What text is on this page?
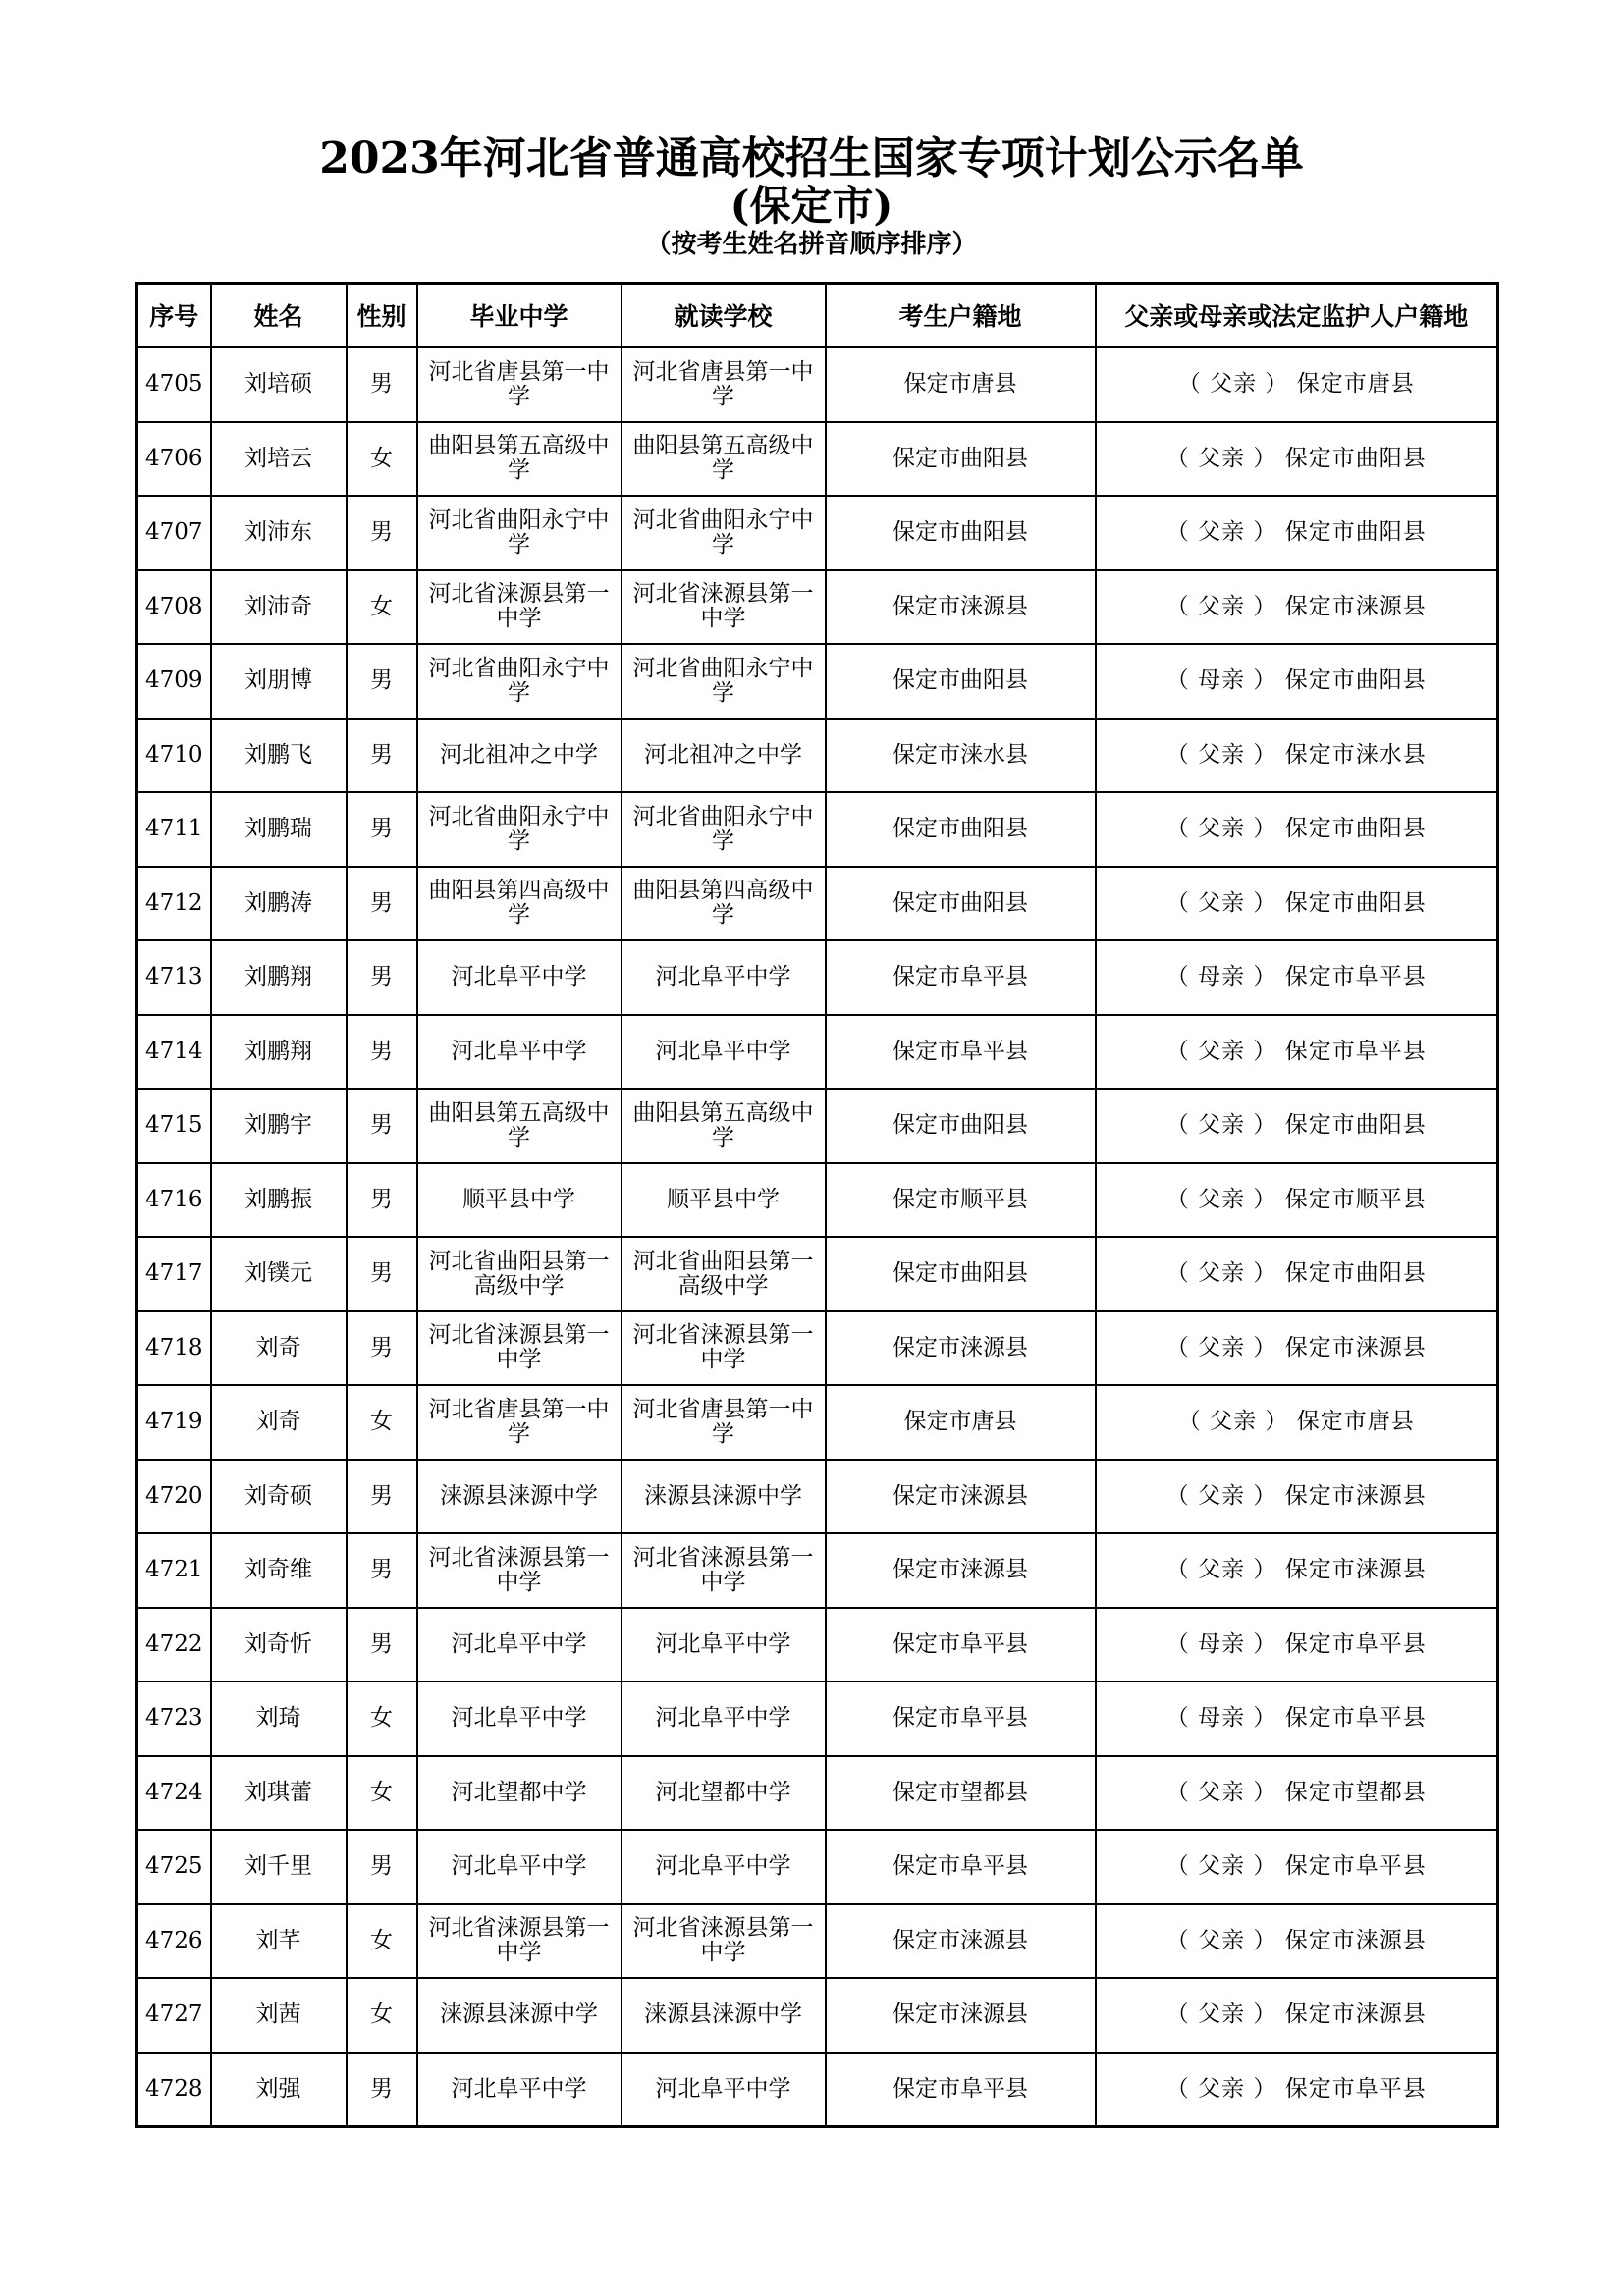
2023年河北省普通高校招生国家专项计划公示名单
(保定市)
（按考生姓名拼音顺序排序）
序号	姓名	性别	毕业中学	就读学校	考生户籍地	父亲或母亲或法定监护人户籍地
4705	刘培硕	男	河北省唐县第一中学	河北省唐县第一中学	保定市唐县	（ 父亲 ） 保定市唐县
4706	刘培云	女	曲阳县第五高级中学	曲阳县第五高级中学	保定市曲阳县	（ 父亲 ） 保定市曲阳县
4707	刘沛东	男	河北省曲阳永宁中学	河北省曲阳永宁中学	保定市曲阳县	（ 父亲 ） 保定市曲阳县
4708	刘沛奇	女	河北省涞源县第一中学	河北省涞源县第一中学	保定市涞源县	（ 父亲 ） 保定市涞源县
4709	刘朋博	男	河北省曲阳永宁中学	河北省曲阳永宁中学	保定市曲阳县	（ 母亲 ） 保定市曲阳县
4710	刘鹏飞	男	河北祖冲之中学	河北祖冲之中学	保定市涞水县	（ 父亲 ） 保定市涞水县
4711	刘鹏瑞	男	河北省曲阳永宁中学	河北省曲阳永宁中学	保定市曲阳县	（ 父亲 ） 保定市曲阳县
4712	刘鹏涛	男	曲阳县第四高级中学	曲阳县第四高级中学	保定市曲阳县	（ 父亲 ） 保定市曲阳县
4713	刘鹏翔	男	河北阜平中学	河北阜平中学	保定市阜平县	（ 母亲 ） 保定市阜平县
4714	刘鹏翔	男	河北阜平中学	河北阜平中学	保定市阜平县	（ 父亲 ） 保定市阜平县
4715	刘鹏宇	男	曲阳县第五高级中学	曲阳县第五高级中学	保定市曲阳县	（ 父亲 ） 保定市曲阳县
4716	刘鹏振	男	顺平县中学	顺平县中学	保定市顺平县	（ 父亲 ） 保定市顺平县
4717	刘镤元	男	河北省曲阳县第一高级中学	河北省曲阳县第一高级中学	保定市曲阳县	（ 父亲 ） 保定市曲阳县
4718	刘奇	男	河北省涞源县第一中学	河北省涞源县第一中学	保定市涞源县	（ 父亲 ） 保定市涞源县
4719	刘奇	女	河北省唐县第一中学	河北省唐县第一中学	保定市唐县	（ 父亲 ） 保定市唐县
4720	刘奇硕	男	涞源县涞源中学	涞源县涞源中学	保定市涞源县	（ 父亲 ） 保定市涞源县
4721	刘奇维	男	河北省涞源县第一中学	河北省涞源县第一中学	保定市涞源县	（ 父亲 ） 保定市涞源县
4722	刘奇忻	男	河北阜平中学	河北阜平中学	保定市阜平县	（ 母亲 ） 保定市阜平县
4723	刘琦	女	河北阜平中学	河北阜平中学	保定市阜平县	（ 母亲 ） 保定市阜平县
4724	刘琪蕾	女	河北望都中学	河北望都中学	保定市望都县	（ 父亲 ） 保定市望都县
4725	刘千里	男	河北阜平中学	河北阜平中学	保定市阜平县	（ 父亲 ） 保定市阜平县
4726	刘芊	女	河北省涞源县第一中学	河北省涞源县第一中学	保定市涞源县	（ 父亲 ） 保定市涞源县
4727	刘茜	女	涞源县涞源中学	涞源县涞源中学	保定市涞源县	（ 父亲 ） 保定市涞源县
4728	刘强	男	河北阜平中学	河北阜平中学	保定市阜平县	（ 父亲 ） 保定市阜平县
